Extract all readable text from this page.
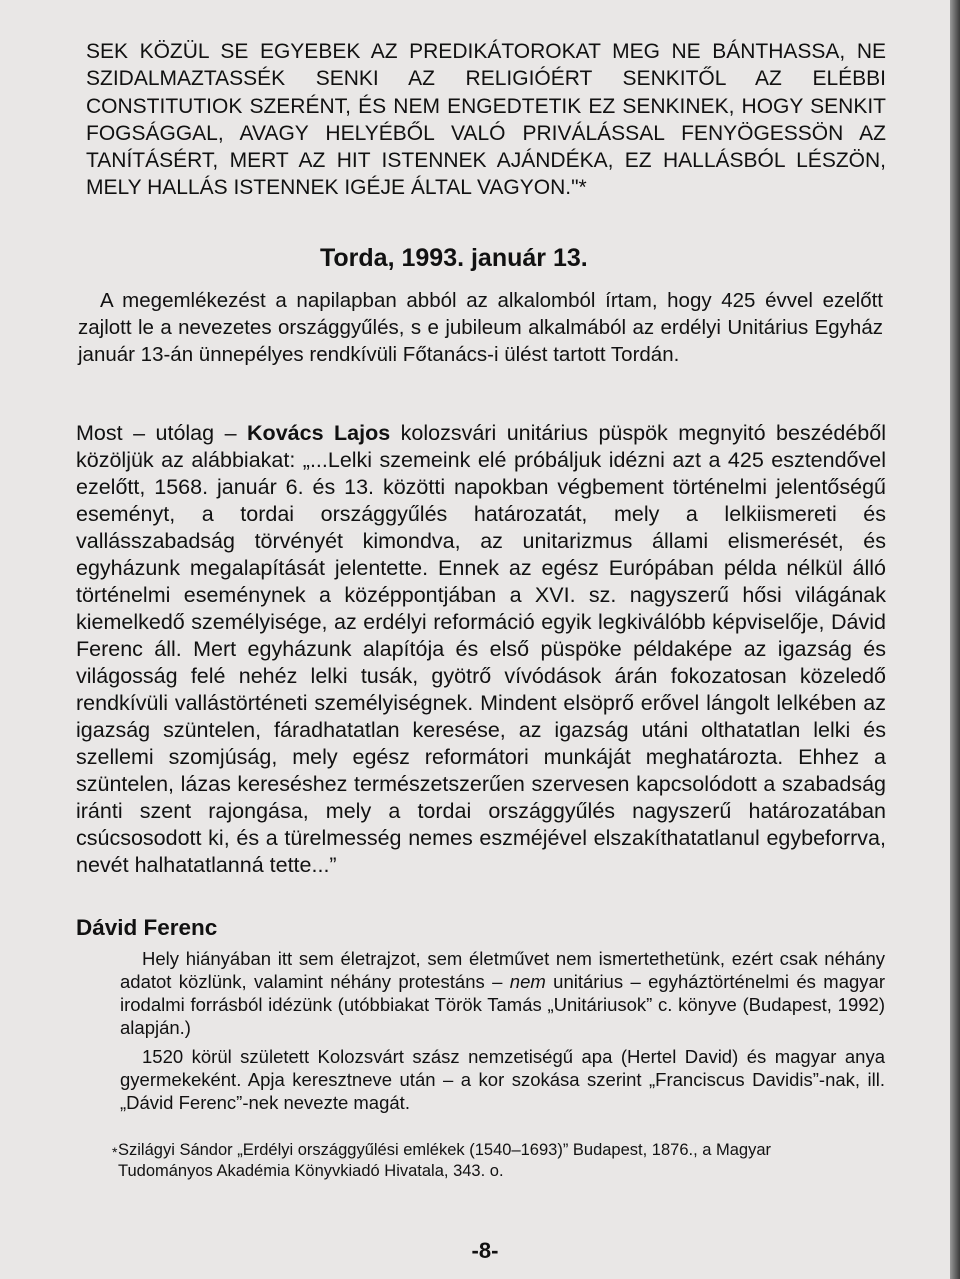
SEK KÖZÜL SE EGYEBEK AZ PREDIKÁTOROKAT MEG NE BÁNTHASSA, NE SZIDALMAZTASSÉK SENKI AZ RELIGIÓÉRT SENKITŐL AZ ELÉBBI CONSTITUTIOK SZERÉNT, ÉS NEM ENGEDTETIK EZ SENKINEK, HOGY SENKIT FOGSÁGGAL, AVAGY HELYÉBŐL VALÓ PRIVÁLÁSSAL FENYÖGESSÖN AZ TANÍTÁSÉRT, MERT AZ HIT ISTENNEK AJÁNDÉKA, EZ HALLÁSBÓL LÉSZÖN, MELY HALLÁS ISTENNEK IGÉJE ÁLTAL VAGYON."*

Torda, 1993. január 13.

A megemlékezést a napilapban abból az alkalomból írtam, hogy 425 évvel ezelőtt zajlott le a nevezetes országgyűlés, s e jubileum alkalmából az erdélyi Unitárius Egyház január 13-án ünnepélyes rendkívüli Főtanács-i ülést tartott Tordán.

Most – utólag – Kovács Lajos kolozsvári unitárius püspök megnyitó beszédéből közöljük az alábbiakat: „...Lelki szemeink elé próbáljuk idézni azt a 425 esztendővel ezelőtt, 1568. január 6. és 13. közötti napokban végbement történelmi jelentőségű eseményt, a tordai országgyűlés határozatát, mely a lelkiismereti és vallásszabadság törvényét kimondva, az unitarizmus állami elismerését, és egyházunk megalapítását jelentette. Ennek az egész Európában példa nélkül álló történelmi eseménynek a középpontjában a XVI. sz. nagyszerű hősi világának kiemelkedő személyisége, az erdélyi reformáció egyik legkiválóbb képviselője, Dávid Ferenc áll. Mert egyházunk alapítója és első püspöke példaképe az igazság és világosság felé nehéz lelki tusák, gyötrő vívódások árán fokozatosan közeledő rendkívüli vallástörténeti személyiségnek. Mindent elsöprő erővel lángolt lelkében az igazság szüntelen, fáradhatatlan keresése, az igazság utáni olthatatlan lelki és szellemi szomjúság, mely egész reformátori munkáját meghatározta. Ehhez a szüntelen, lázas kereséshez természetszerűen szervesen kapcsolódott a szabadság iránti szent rajongása, mely a tordai országgyűlés nagyszerű határozatában csúcsosodott ki, és a türelmesség nemes eszméjével elszakíthatatlanul egybeforrva, nevét halhatatlanná tette...”

Dávid Ferenc

Hely hiányában itt sem életrajzot, sem életművet nem ismertethetünk, ezért csak néhány adatot közlünk, valamint néhány protestáns – nem unitárius – egyháztörténelmi és magyar irodalmi forrásból idézünk (utóbbiakat Török Tamás „Unitáriusok” c. könyve (Budapest, 1992) alapján.)

1520 körül született Kolozsvárt szász nemzetiségű apa (Hertel David) és magyar anya gyermekeként. Apja keresztneve után – a kor szokása szerint „Franciscus Davidis”-nak, ill. „Dávid Ferenc”-nek nevezte magát.

* Szilágyi Sándor „Erdélyi országgyűlési emlékek (1540–1693)” Budapest, 1876., a Magyar Tudományos Akadémia Könyvkiadó Hivatala, 343. o.
-8-
